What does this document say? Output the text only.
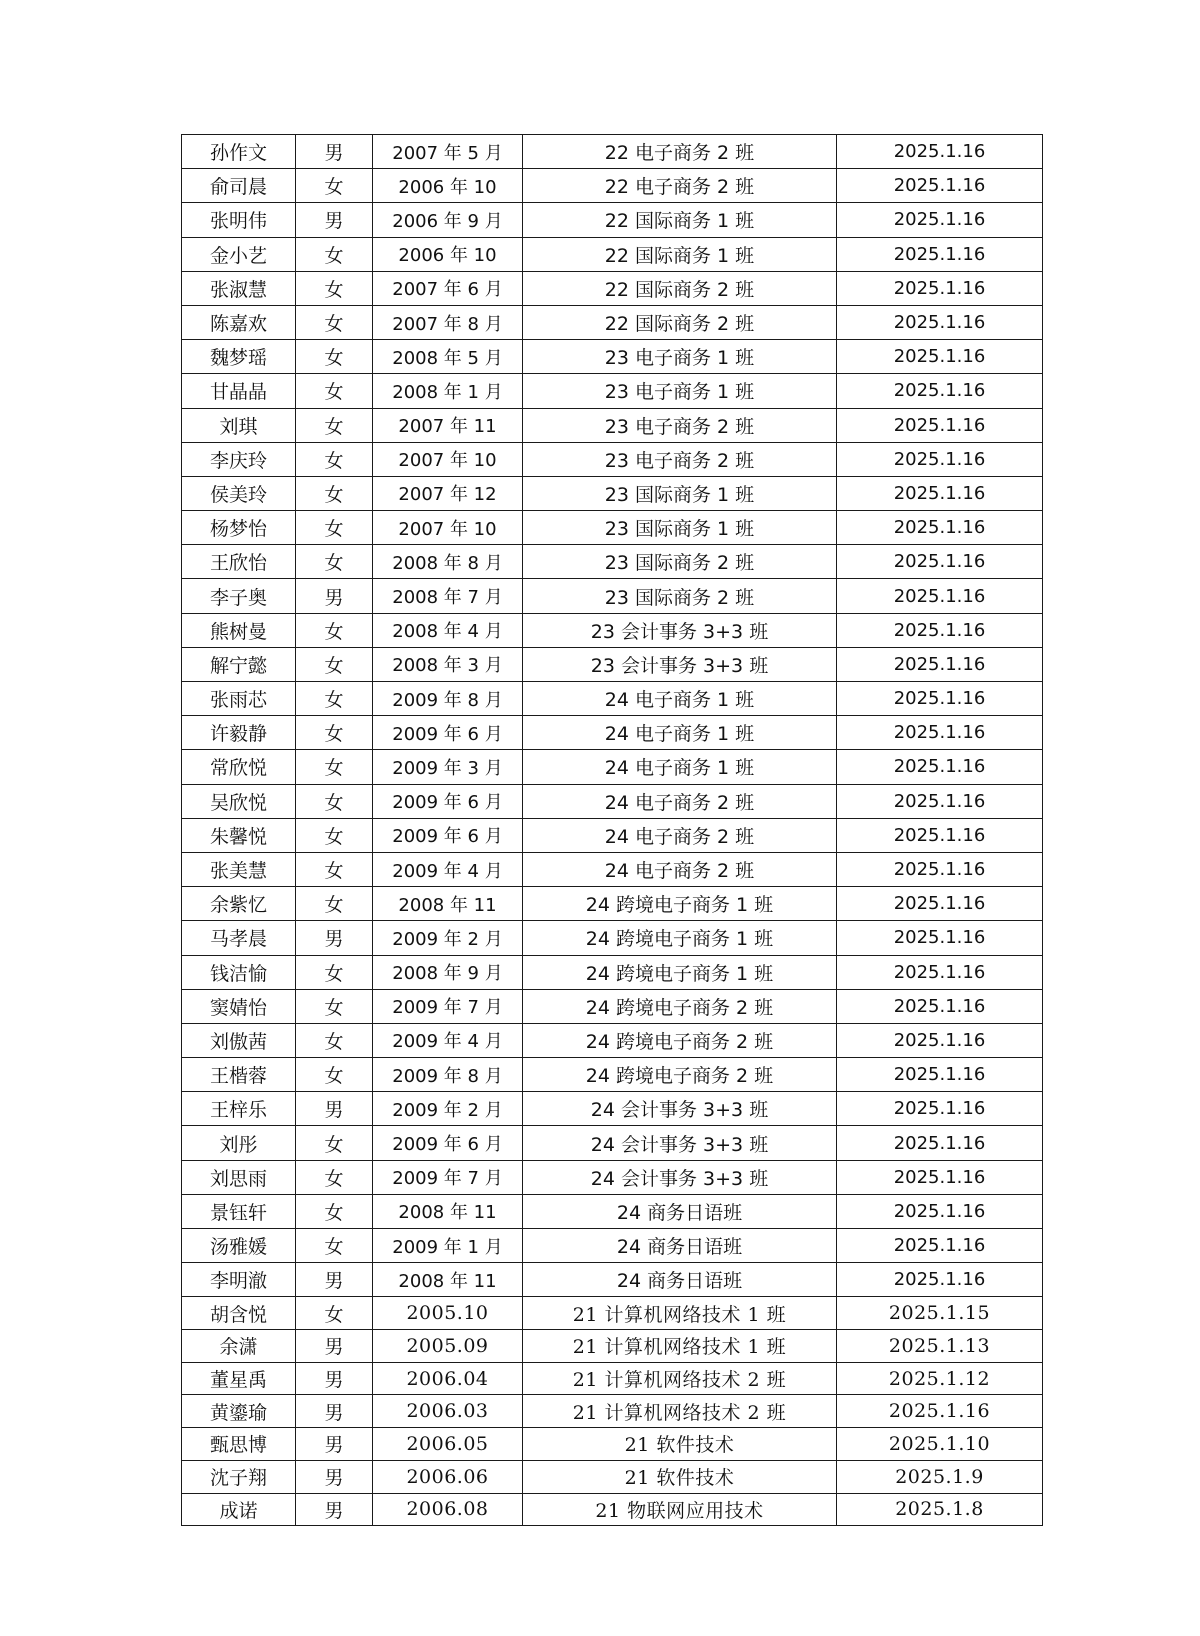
孙作文	男	2007 年 5 月	22 电子商务 2 班	2025.1.16
俞司晨	女	2006 年 10	22 电子商务 2 班	2025.1.16
张明伟	男	2006 年 9 月	22 国际商务 1 班	2025.1.16
金小艺	女	2006 年 10	22 国际商务 1 班	2025.1.16
张淑慧	女	2007 年 6 月	22 国际商务 2 班	2025.1.16
陈嘉欢	女	2007 年 8 月	22 国际商务 2 班	2025.1.16
魏梦瑶	女	2008 年 5 月	23 电子商务 1 班	2025.1.16
甘晶晶	女	2008 年 1 月	23 电子商务 1 班	2025.1.16
刘琪	女	2007 年 11	23 电子商务 2 班	2025.1.16
李庆玲	女	2007 年 10	23 电子商务 2 班	2025.1.16
侯美玲	女	2007 年 12	23 国际商务 1 班	2025.1.16
杨梦怡	女	2007 年 10	23 国际商务 1 班	2025.1.16
王欣怡	女	2008 年 8 月	23 国际商务 2 班	2025.1.16
李子奥	男	2008 年 7 月	23 国际商务 2 班	2025.1.16
熊树曼	女	2008 年 4 月	23 会计事务 3+3 班	2025.1.16
解宁懿	女	2008 年 3 月	23 会计事务 3+3 班	2025.1.16
张雨芯	女	2009 年 8 月	24 电子商务 1 班	2025.1.16
许毅静	女	2009 年 6 月	24 电子商务 1 班	2025.1.16
常欣悦	女	2009 年 3 月	24 电子商务 1 班	2025.1.16
吴欣悦	女	2009 年 6 月	24 电子商务 2 班	2025.1.16
朱馨悦	女	2009 年 6 月	24 电子商务 2 班	2025.1.16
张美慧	女	2009 年 4 月	24 电子商务 2 班	2025.1.16
余紫忆	女	2008 年 11	24 跨境电子商务 1 班	2025.1.16
马孝晨	男	2009 年 2 月	24 跨境电子商务 1 班	2025.1.16
钱洁愉	女	2008 年 9 月	24 跨境电子商务 1 班	2025.1.16
窦婧怡	女	2009 年 7 月	24 跨境电子商务 2 班	2025.1.16
刘傲茜	女	2009 年 4 月	24 跨境电子商务 2 班	2025.1.16
王楷蓉	女	2009 年 8 月	24 跨境电子商务 2 班	2025.1.16
王梓乐	男	2009 年 2 月	24 会计事务 3+3 班	2025.1.16
刘彤	女	2009 年 6 月	24 会计事务 3+3 班	2025.1.16
刘思雨	女	2009 年 7 月	24 会计事务 3+3 班	2025.1.16
景钰轩	女	2008 年 11	24 商务日语班	2025.1.16
汤雅媛	女	2009 年 1 月	24 商务日语班	2025.1.16
李明澈	男	2008 年 11	24 商务日语班	2025.1.16
胡含悦	女	2005.10	21 计算机网络技术 1 班	2025.1.15
余潇	男	2005.09	21 计算机网络技术 1 班	2025.1.13
董星禹	男	2006.04	21 计算机网络技术 2 班	2025.1.12
黄鎏瑜	男	2006.03	21 计算机网络技术 2 班	2025.1.16
甄思博	男	2006.05	21 软件技术	2025.1.10
沈子翔	男	2006.06	21 软件技术	2025.1.9
成诺	男	2006.08	21 物联网应用技术	2025.1.8
